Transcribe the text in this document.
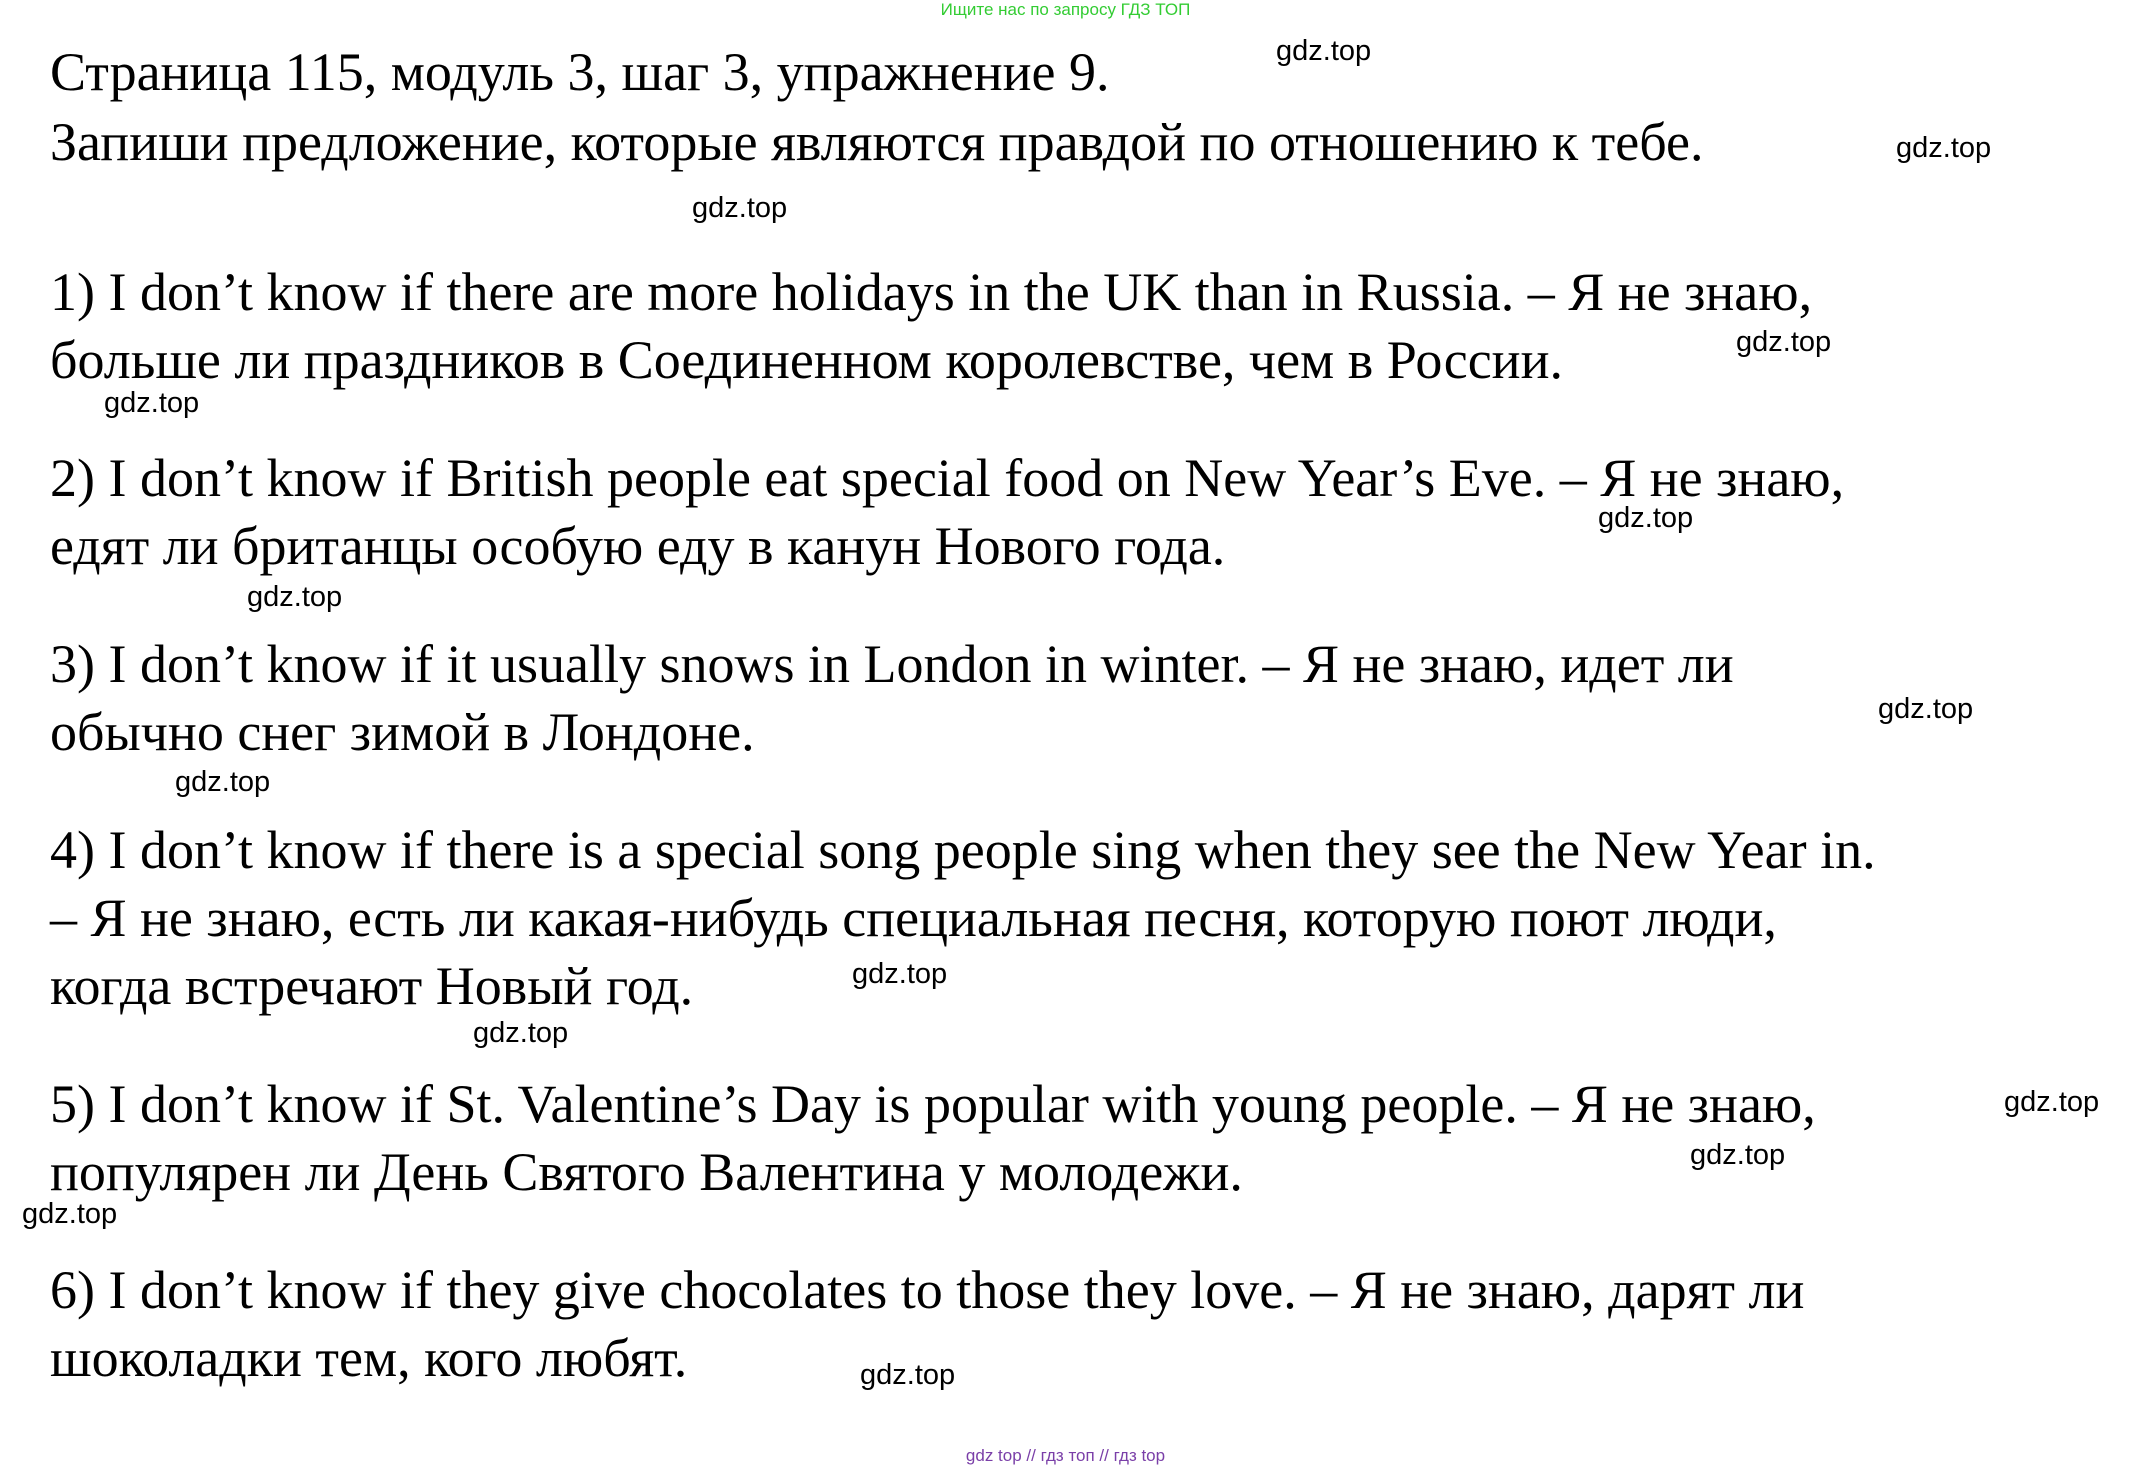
Ищите нас по запросу ГДЗ ТОП
Страница 115, модуль 3, шаг 3, упражнение 9.
Запиши предложение, которые являются правдой по отношению к тебе.
1) I don’t know if there are more holidays in the UK than in Russia. – Я не знаю,
больше ли праздников в Соединенном королевстве, чем в России.
2) I don’t know if British people eat special food on New Year’s Eve. – Я не знаю,
едят ли британцы особую еду в канун Нового года.
3) I don’t know if it usually snows in London in winter. – Я не знаю, идет ли
обычно снег зимой в Лондоне.
4) I don’t know if there is a special song people sing when they see the New Year in.
– Я не знаю, есть ли какая-нибудь специальная песня, которую поют люди,
когда встречают Новый год.
5) I don’t know if St. Valentine’s Day is popular with young people. – Я не знаю,
популярен ли День Святого Валентина у молодежи.
6) I don’t know if they give chocolates to those they love. – Я не знаю, дарят ли
шоколадки тем, кого любят.
gdz.top
gdz.top
gdz.top
gdz.top
gdz.top
gdz.top
gdz.top
gdz.top
gdz.top
gdz.top
gdz.top
gdz.top
gdz.top
gdz.top
gdz.top
gdz top // гдз топ // гдз top
